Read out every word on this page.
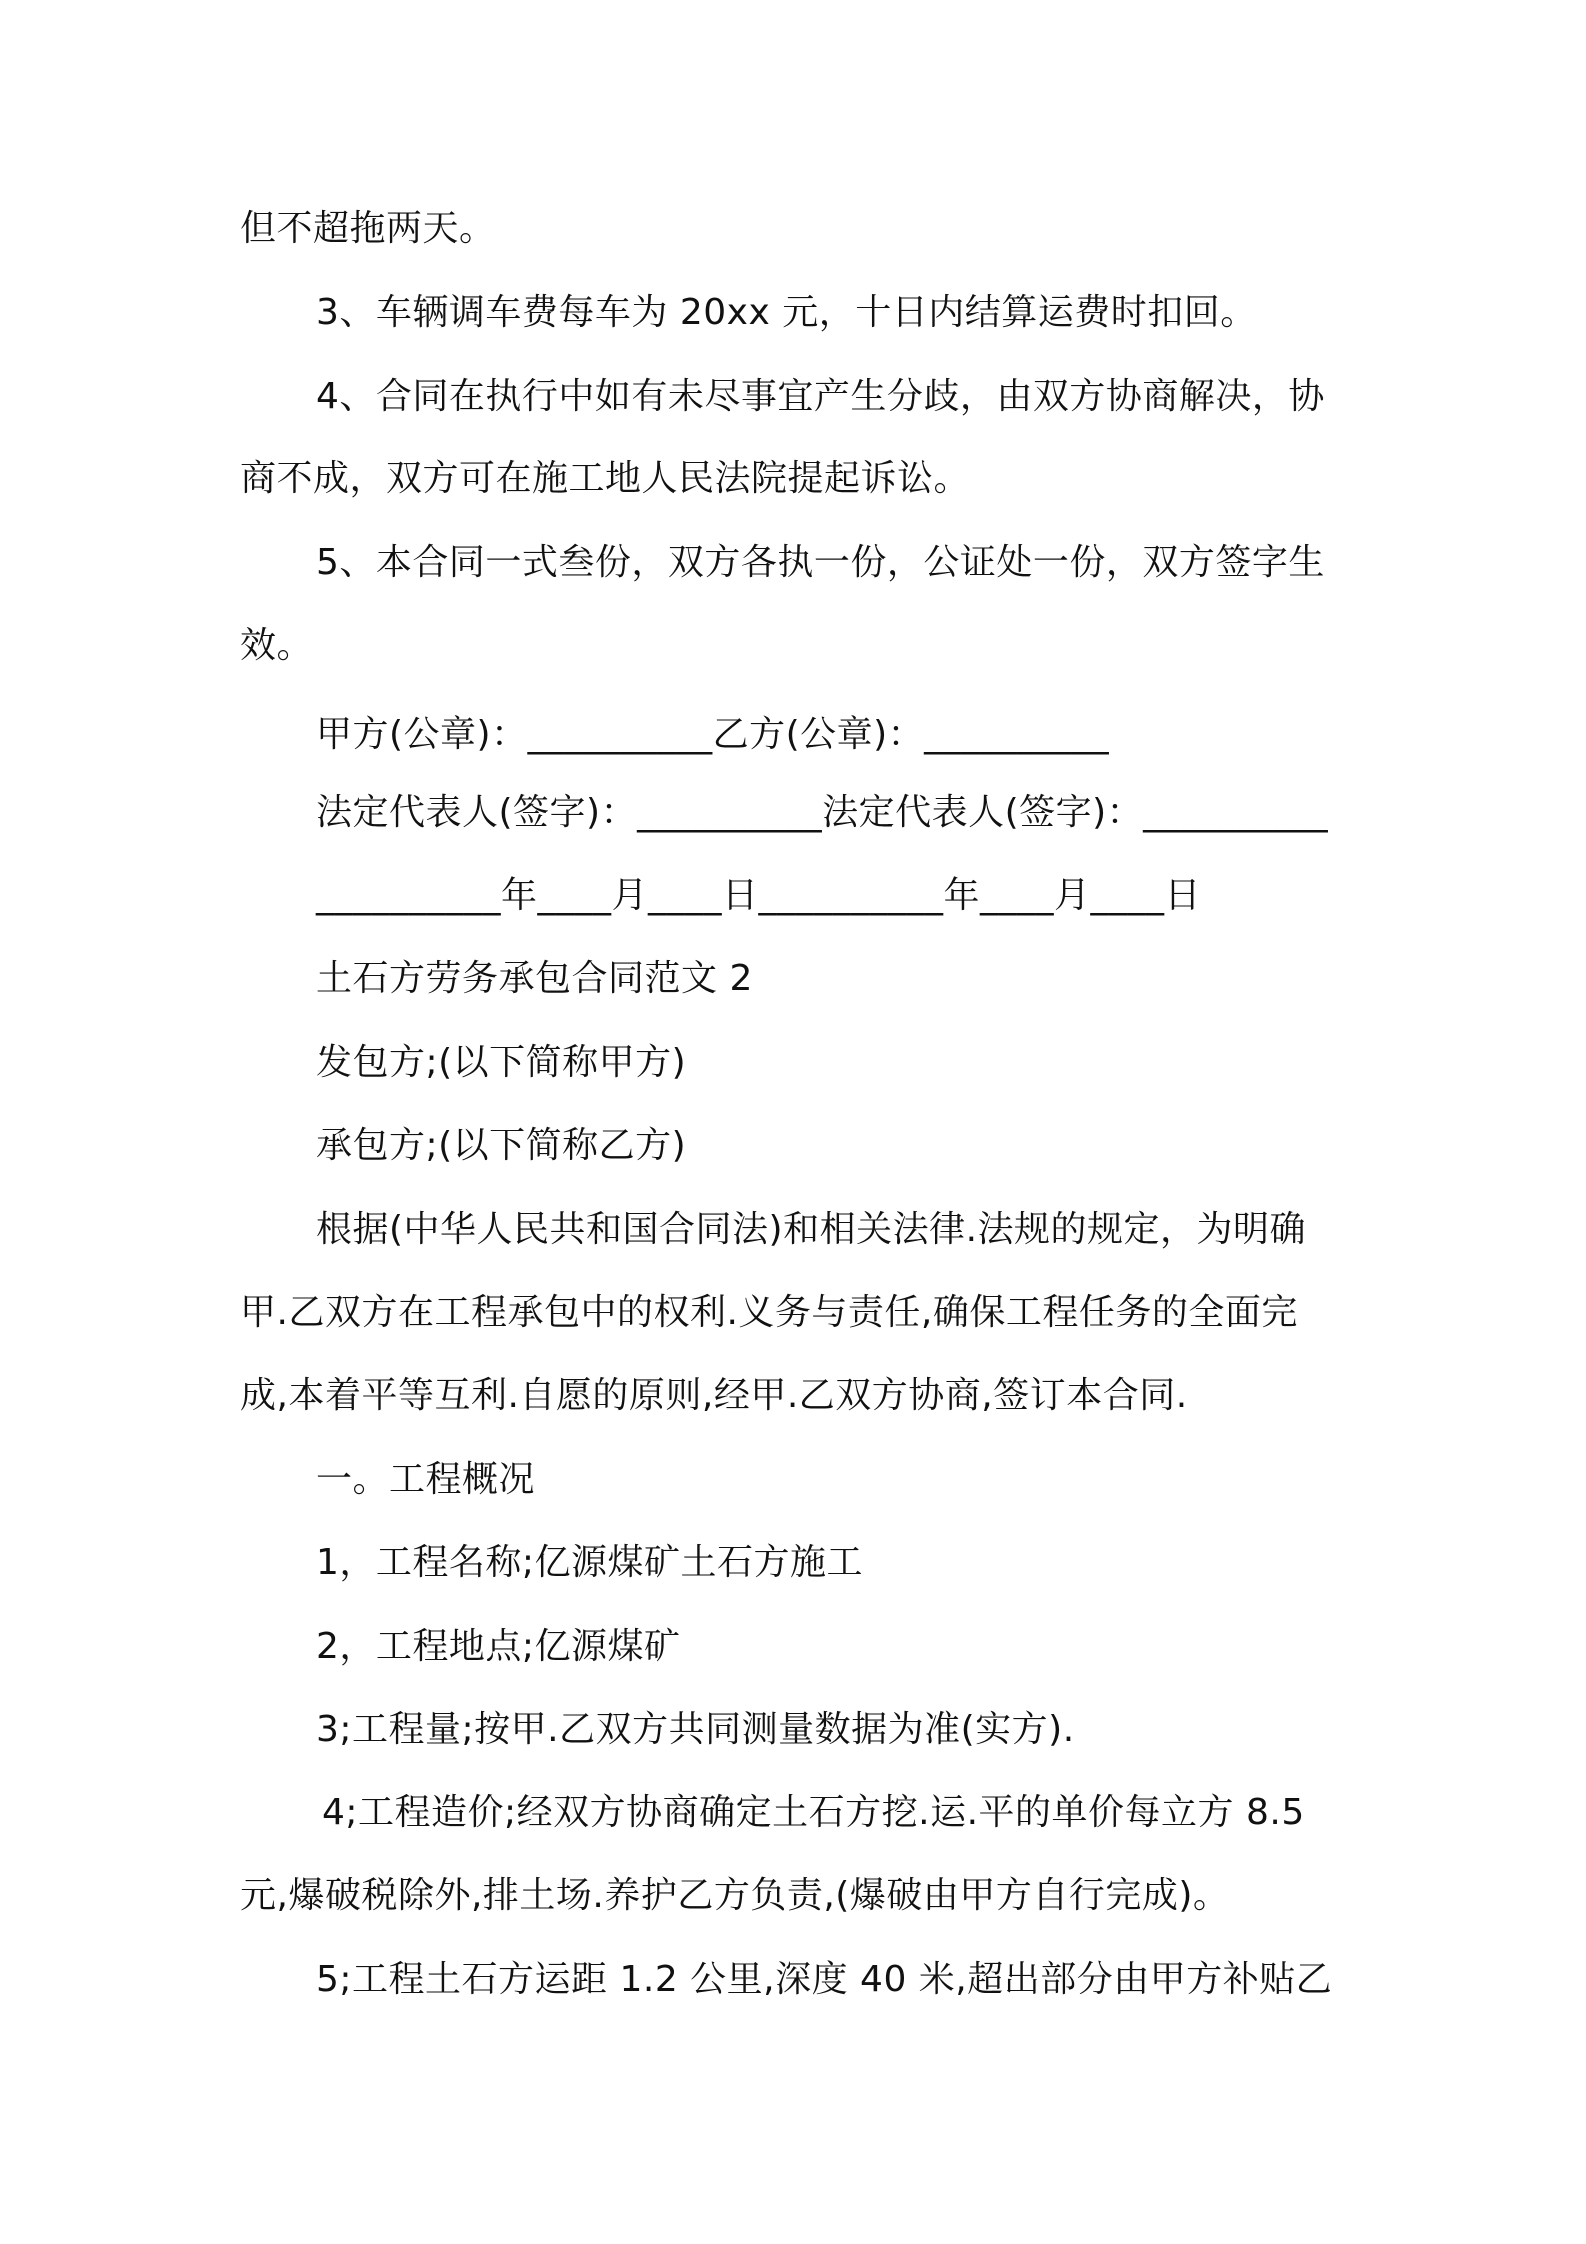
但不超拖两天。
3、车辆调车费每车为 20xx 元，十日内结算运费时扣回。
4、合同在执行中如有未尽事宜产生分歧，由双方协商解决，协
商不成，双方可在施工地人民法院提起诉讼。
5、本合同一式叁份，双方各执一份，公证处一份，双方签字生
效。
甲方(公章)：__________乙方(公章)：__________
法定代表人(签字)：__________法定代表人(签字)：__________
__________年____月____日__________年____月____日
土石方劳务承包合同范文 2
发包方;(以下简称甲方)
承包方;(以下简称乙方)
根据(中华人民共和国合同法)和相关法律.法规的规定，为明确
甲.乙双方在工程承包中的权利.义务与责任,确保工程任务的全面完
成,本着平等互利.自愿的原则,经甲.乙双方协商,签订本合同.
一。工程概况
1，工程名称;亿源煤矿土石方施工
2，工程地点;亿源煤矿
3;工程量;按甲.乙双方共同测量数据为准(实方).
4;工程造价;经双方协商确定土石方挖.运.平的单价每立方 8.5
元,爆破税除外,排土场.养护乙方负责,(爆破由甲方自行完成)。
5;工程土石方运距 1.2 公里,深度 40 米,超出部分由甲方补贴乙
